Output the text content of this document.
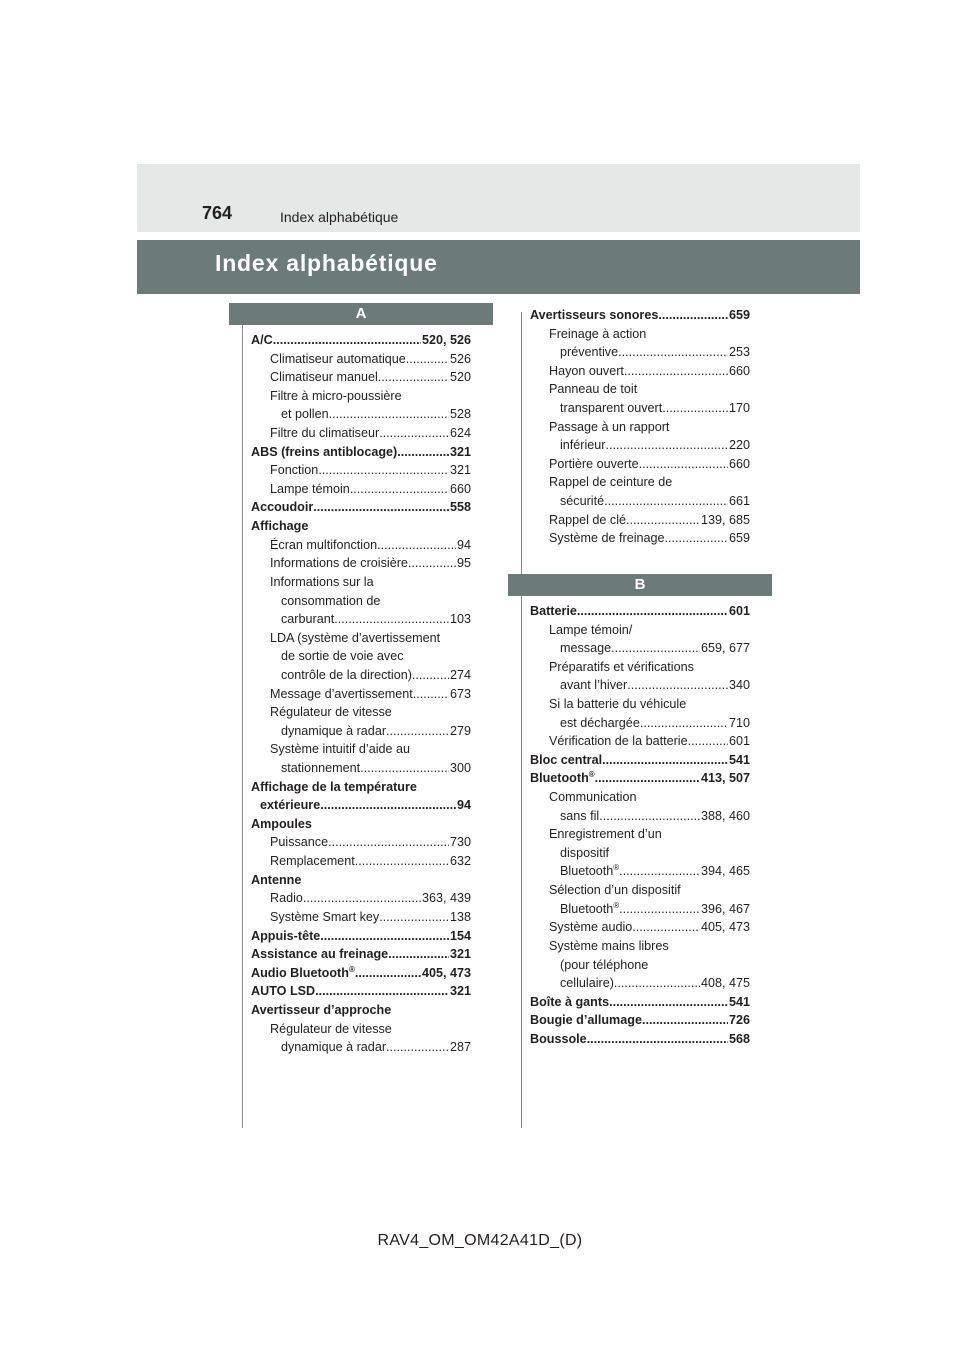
764	Index alphabétique
Index alphabétique
A
A/C .....	520, 526
Climatiseur automatique .....	526
Climatiseur manuel .....	520
Filtre à micro-poussière
et pollen .....	528
Filtre du climatiseur .....	624
ABS (freins antiblocage) .....	321
Fonction .....	321
Lampe témoin .....	660
Accoudoir .....	558
Affichage
Écran multifonction .....	94
Informations de croisière .....	95
Informations sur la
consommation de
carburant .....	103
LDA (système d’avertissement
de sortie de voie avec
contrôle de la direction) .....	274
Message d’avertissement .....	673
Régulateur de vitesse
dynamique à radar .....	279
Système intuitif d’aide au
stationnement .....	300
Affichage de la température
extérieure .....	94
Ampoules
Puissance .....	730
Remplacement .....	632
Antenne
Radio .....	363, 439
Système Smart key .....	138
Appuis-tête .....	154
Assistance au freinage .....	321
Audio Bluetooth® .....	405, 473
AUTO LSD .....	321
Avertisseur d’approche
Régulateur de vitesse
dynamique à radar .....	287
Avertisseurs sonores .....	659
Freinage à action
préventive .....	253
Hayon ouvert .....	660
Panneau de toit
transparent ouvert .....	170
Passage à un rapport
inférieur .....	220
Portière ouverte .....	660
Rappel de ceinture de
sécurité .....	661
Rappel de clé .....	139, 685
Système de freinage .....	659
B
Batterie .....	601
Lampe témoin/
message .....	659, 677
Préparatifs et vérifications
avant l’hiver .....	340
Si la batterie du véhicule
est déchargée .....	710
Vérification de la batterie .....	601
Bloc central .....	541
Bluetooth® .....	413, 507
Communication
sans fil .....	388, 460
Enregistrement d’un
dispositif
Bluetooth® .....	394, 465
Sélection d’un dispositif
Bluetooth® .....	396, 467
Système audio .....	405, 473
Système mains libres
(pour téléphone
cellulaire) .....	408, 475
Boîte à gants .....	541
Bougie d’allumage .....	726
Boussole .....	568
RAV4_OM_OM42A41D_(D)
